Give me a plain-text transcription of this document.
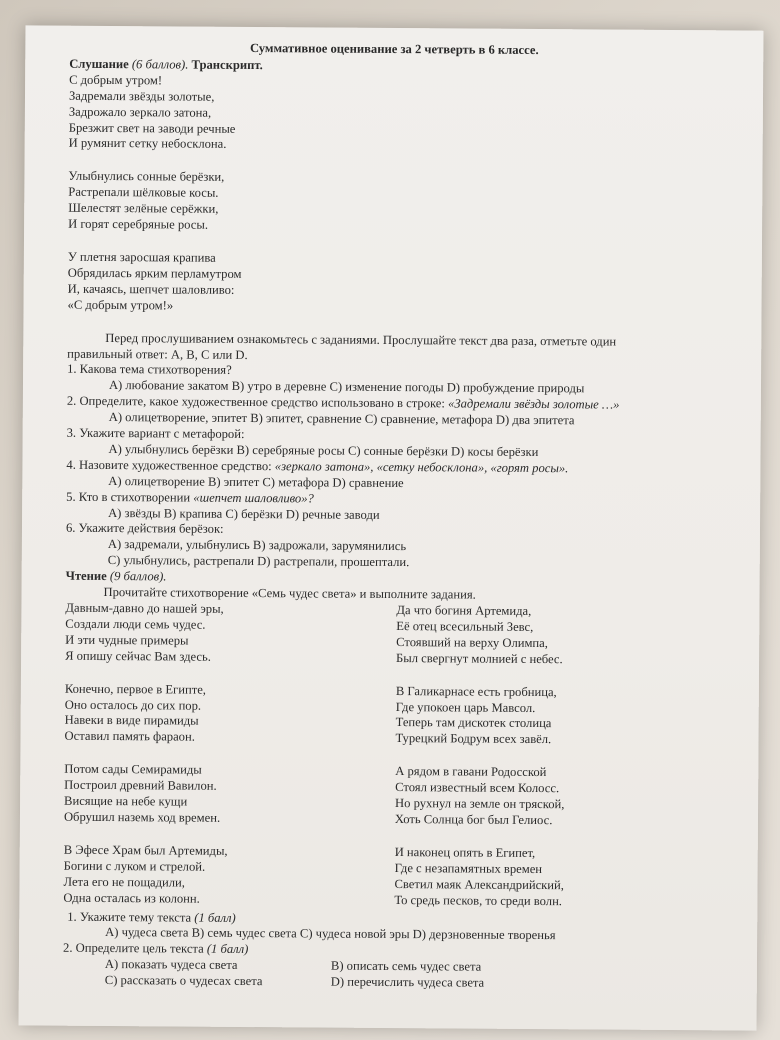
Суммативное оценивание за 2 четверть в 6 классе.
Слушание (6 баллов). Транскрипт.
С добрым утром!
Задремали звёзды золотые,
Задрожало зеркало затона,
Брезжит свет на заводи речные
И румянит сетку небосклона.
Улыбнулись сонные берёзки,
Растрепали шёлковые косы.
Шелестят зелёные серёжки,
И горят серебряные росы.
У плетня заросшая крапива
Обрядилась ярким перламутром
И, качаясь, шепчет шаловливо:
«С добрым утром!»
Перед прослушиванием ознакомьтесь с заданиями. Прослушайте текст два раза, отметьте один
правильный ответ: А, В, С или D.
1. Какова тема стихотворения?
A) любование закатом B) утро в деревне C) изменение погоды D) пробуждение природы
2. Определите, какое художественное средство использовано в строке: «Задремали звёзды золотые …»
A) олицетворение, эпитет B) эпитет, сравнение C) сравнение, метафора D) два эпитета
3. Укажите вариант с метафорой:
A) улыбнулись берёзки B) серебряные росы C) сонные берёзки D) косы берёзки
4. Назовите художественное средство: «зеркало затона», «сетку небосклона», «горят росы».
A) олицетворение B) эпитет C) метафора D) сравнение
5. Кто в стихотворении «шепчет шаловливо»?
A) звёзды B) крапива C) берёзки D) речные заводи
6. Укажите действия берёзок:
A) задремали, улыбнулись B) задрожали, зарумянились
C) улыбнулись, растрепали D) растрепали, прошептали.
Чтение (9 баллов).
Прочитайте стихотворение «Семь чудес света» и выполните задания.
Давным-давно до нашей эры,
Создали люди семь чудес.
И эти чудные примеры
Я опишу сейчас Вам здесь.
Конечно, первое в Египте,
Оно осталось до сих пор.
Навеки в виде пирамиды
Оставил память фараон.
Потом сады Семирамиды
Построил древний Вавилон.
Висящие на небе кущи
Обрушил наземь ход времен.
В Эфесе Храм был Артемиды,
Богини с луком и стрелой.
Лета его не пощадили,
Одна осталась из колонн.
Да что богиня Артемида,
Её отец всесильный Зевс,
Стоявший на верху Олимпа,
Был свергнут молнией с небес.
В Галикарнасе есть гробница,
Где упокоен царь Мавсол.
Теперь там дискотек столица
Турецкий Бодрум всех завёл.
А рядом в гавани Родосской
Стоял известный всем Колосс.
Но рухнул на земле он тряской,
Хоть Солнца бог был Гелиос.
И наконец опять в Египет,
Где с незапамятных времен
Светил маяк Александрийский,
То средь песков, то среди волн.
1. Укажите тему текста (1 балл)
A) чудеса света B) семь чудес света C) чудеса новой эры D) дерзновенные творенья
2. Определите цель текста (1 балл)
A) показать чудеса света
C) рассказать о чудесах света
B) описать семь чудес света
D) перечислить чудеса света
